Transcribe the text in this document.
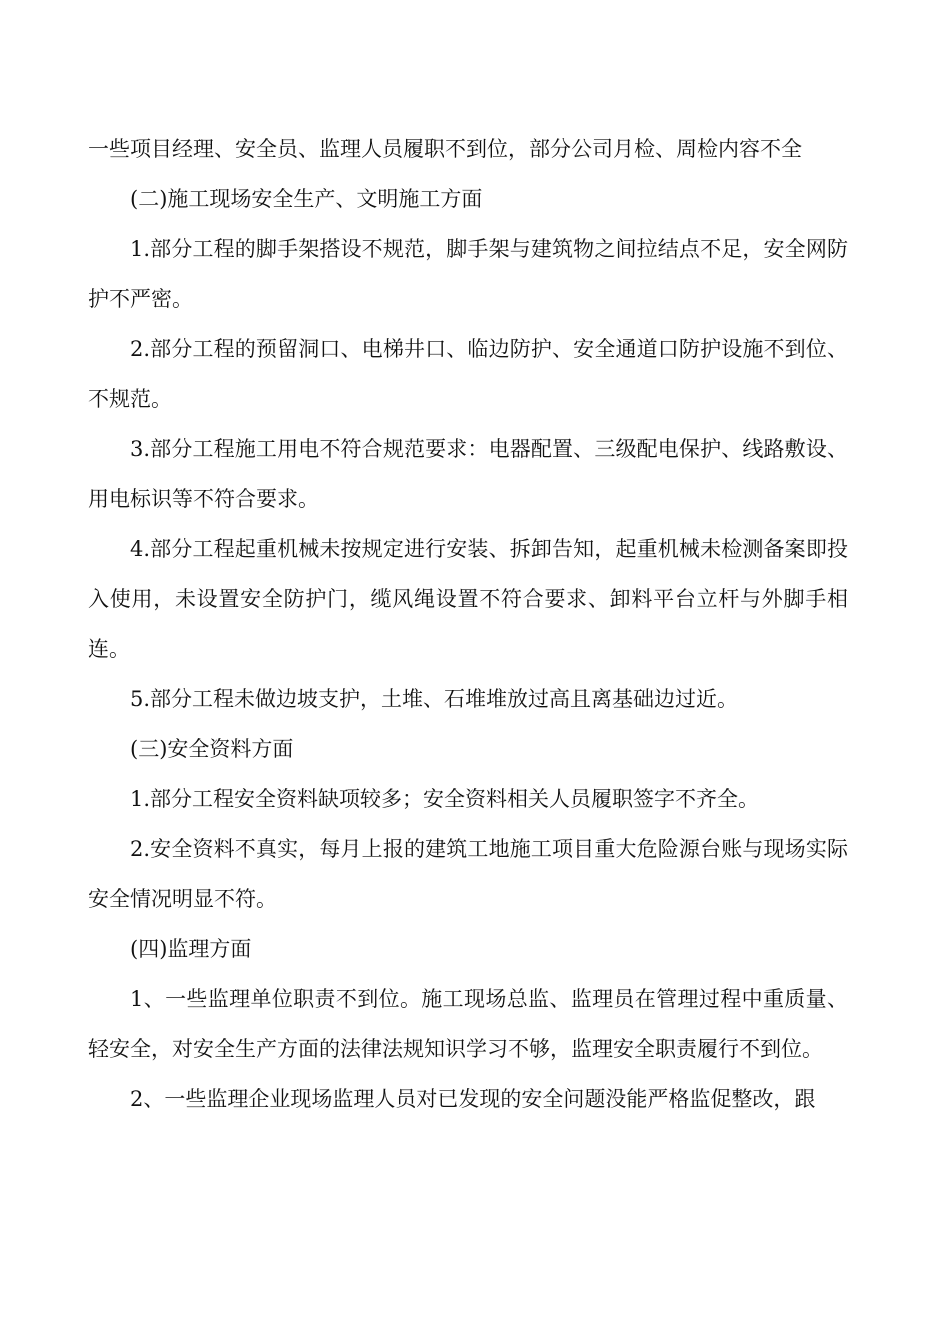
一些项目经理、安全员、监理人员履职不到位，部分公司月检、周检内容不全

(二)施工现场安全生产、文明施工方面

1.部分工程的脚手架搭设不规范，脚手架与建筑物之间拉结点不足，安全网防护不严密。

2.部分工程的预留洞口、电梯井口、临边防护、安全通道口防护设施不到位、不规范。

3.部分工程施工用电不符合规范要求：电器配置、三级配电保护、线路敷设、用电标识等不符合要求。

4.部分工程起重机械未按规定进行安装、拆卸告知，起重机械未检测备案即投入使用，未设置安全防护门，缆风绳设置不符合要求、卸料平台立杆与外脚手相连。

5.部分工程未做边坡支护，土堆、石堆堆放过高且离基础边过近。

(三)安全资料方面

1.部分工程安全资料缺项较多；安全资料相关人员履职签字不齐全。

2.安全资料不真实，每月上报的建筑工地施工项目重大危险源台账与现场实际安全情况明显不符。

(四)监理方面

1、一些监理单位职责不到位。施工现场总监、监理员在管理过程中重质量、轻安全，对安全生产方面的法律法规知识学习不够，监理安全职责履行不到位。

2、一些监理企业现场监理人员对已发现的安全问题没能严格监促整改，跟
